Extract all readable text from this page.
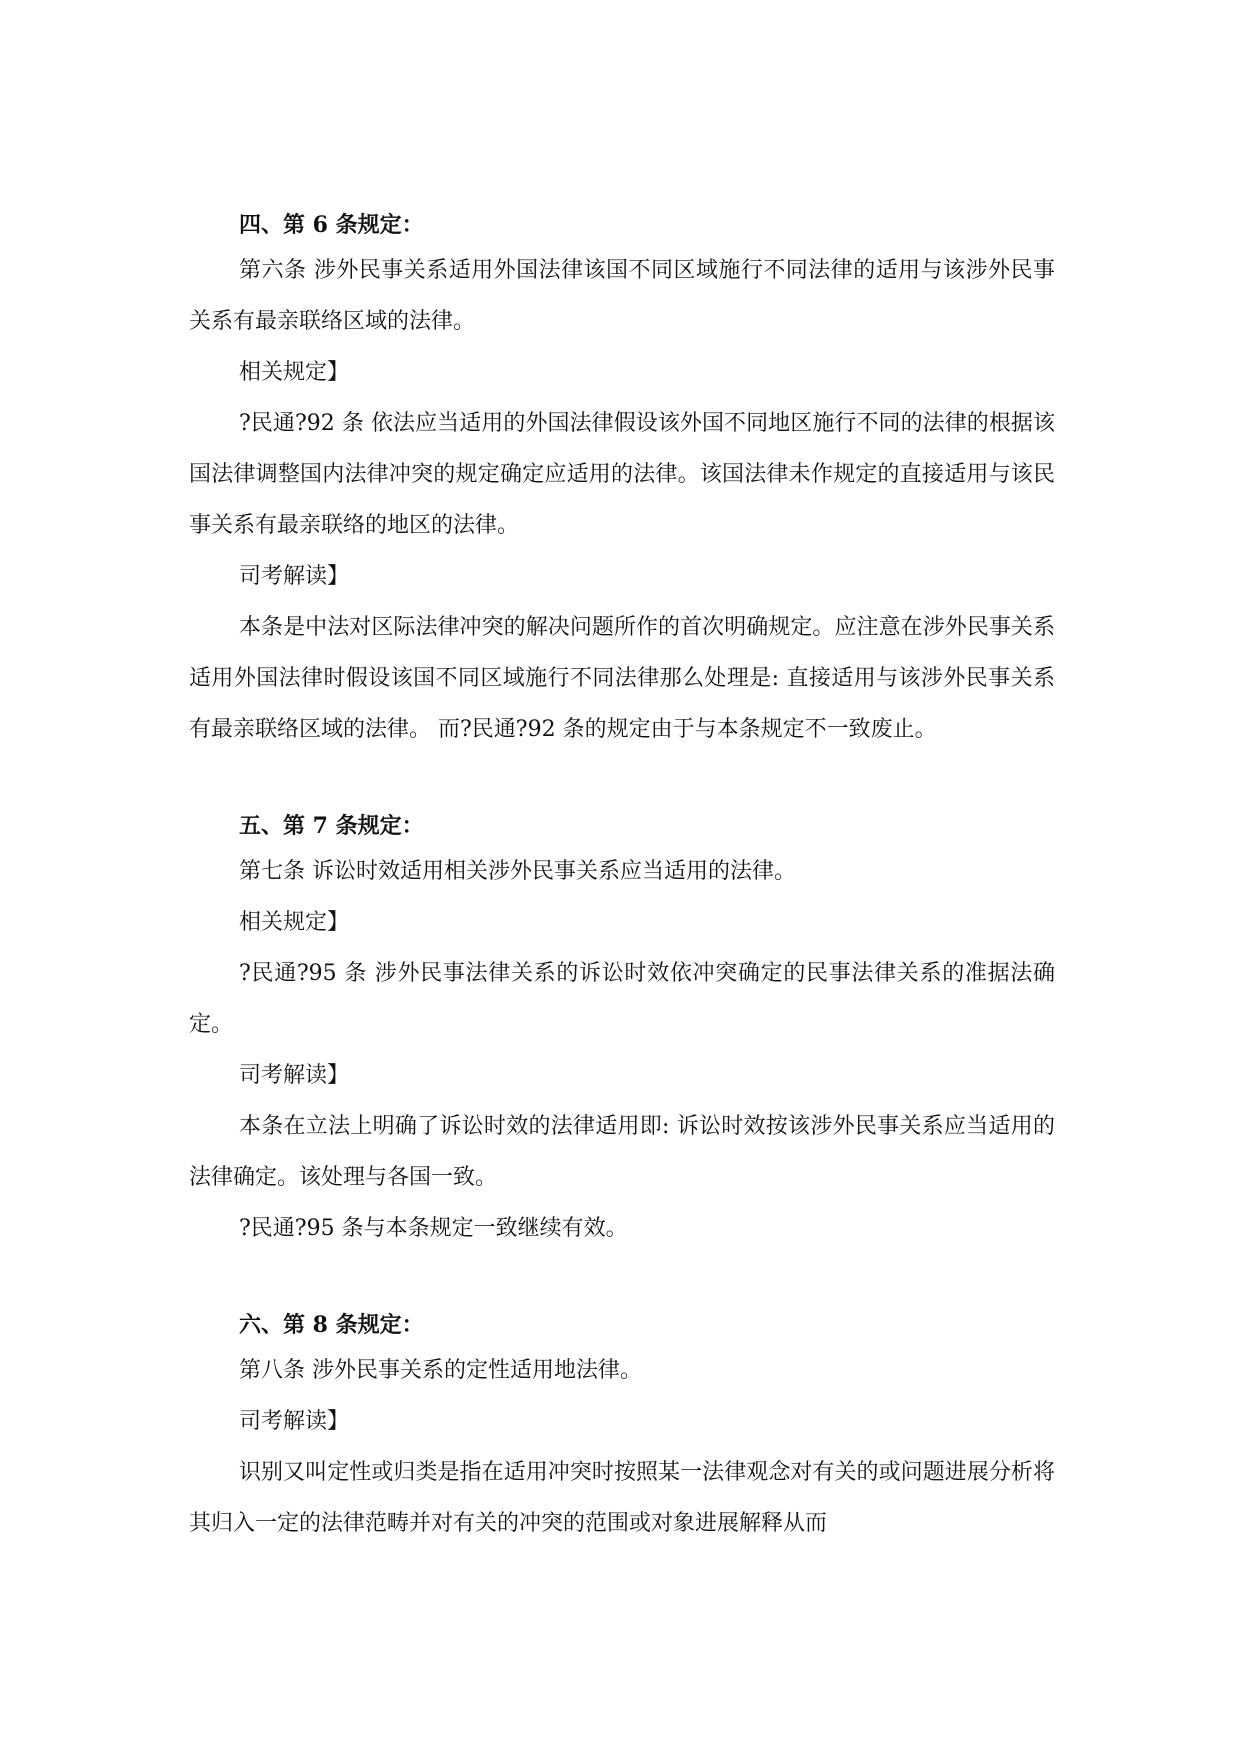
四、第 6 条规定：

第六条 涉外民事关系适用外国法律该国不同区域施行不同法律的适用与该涉外民事关系有最亲联络区域的法律。

相关规定】

?民通?92 条 依法应当适用的外国法律假设该外国不同地区施行不同的法律的根据该国法律调整国内法律冲突的规定确定应适用的法律。该国法律未作规定的直接适用与该民事关系有最亲联络的地区的法律。

司考解读】

本条是中法对区际法律冲突的解决问题所作的首次明确规定。应注意在涉外民事关系适用外国法律时假设该国不同区域施行不同法律那么处理是: 直接适用与该涉外民事关系有最亲联络区域的法律。 而?民通?92 条的规定由于与本条规定不一致废止。

五、第 7 条规定：

第七条 诉讼时效适用相关涉外民事关系应当适用的法律。

相关规定】

?民通?95 条 涉外民事法律关系的诉讼时效依冲突确定的民事法律关系的准据法确定。

司考解读】

本条在立法上明确了诉讼时效的法律适用即: 诉讼时效按该涉外民事关系应当适用的法律确定。该处理与各国一致。

?民通?95 条与本条规定一致继续有效。

六、第 8 条规定：

第八条 涉外民事关系的定性适用地法律。

司考解读】

识别又叫定性或归类是指在适用冲突时按照某一法律观念对有关的或问题进展分析将其归入一定的法律范畴并对有关的冲突的范围或对象进展解释从而
